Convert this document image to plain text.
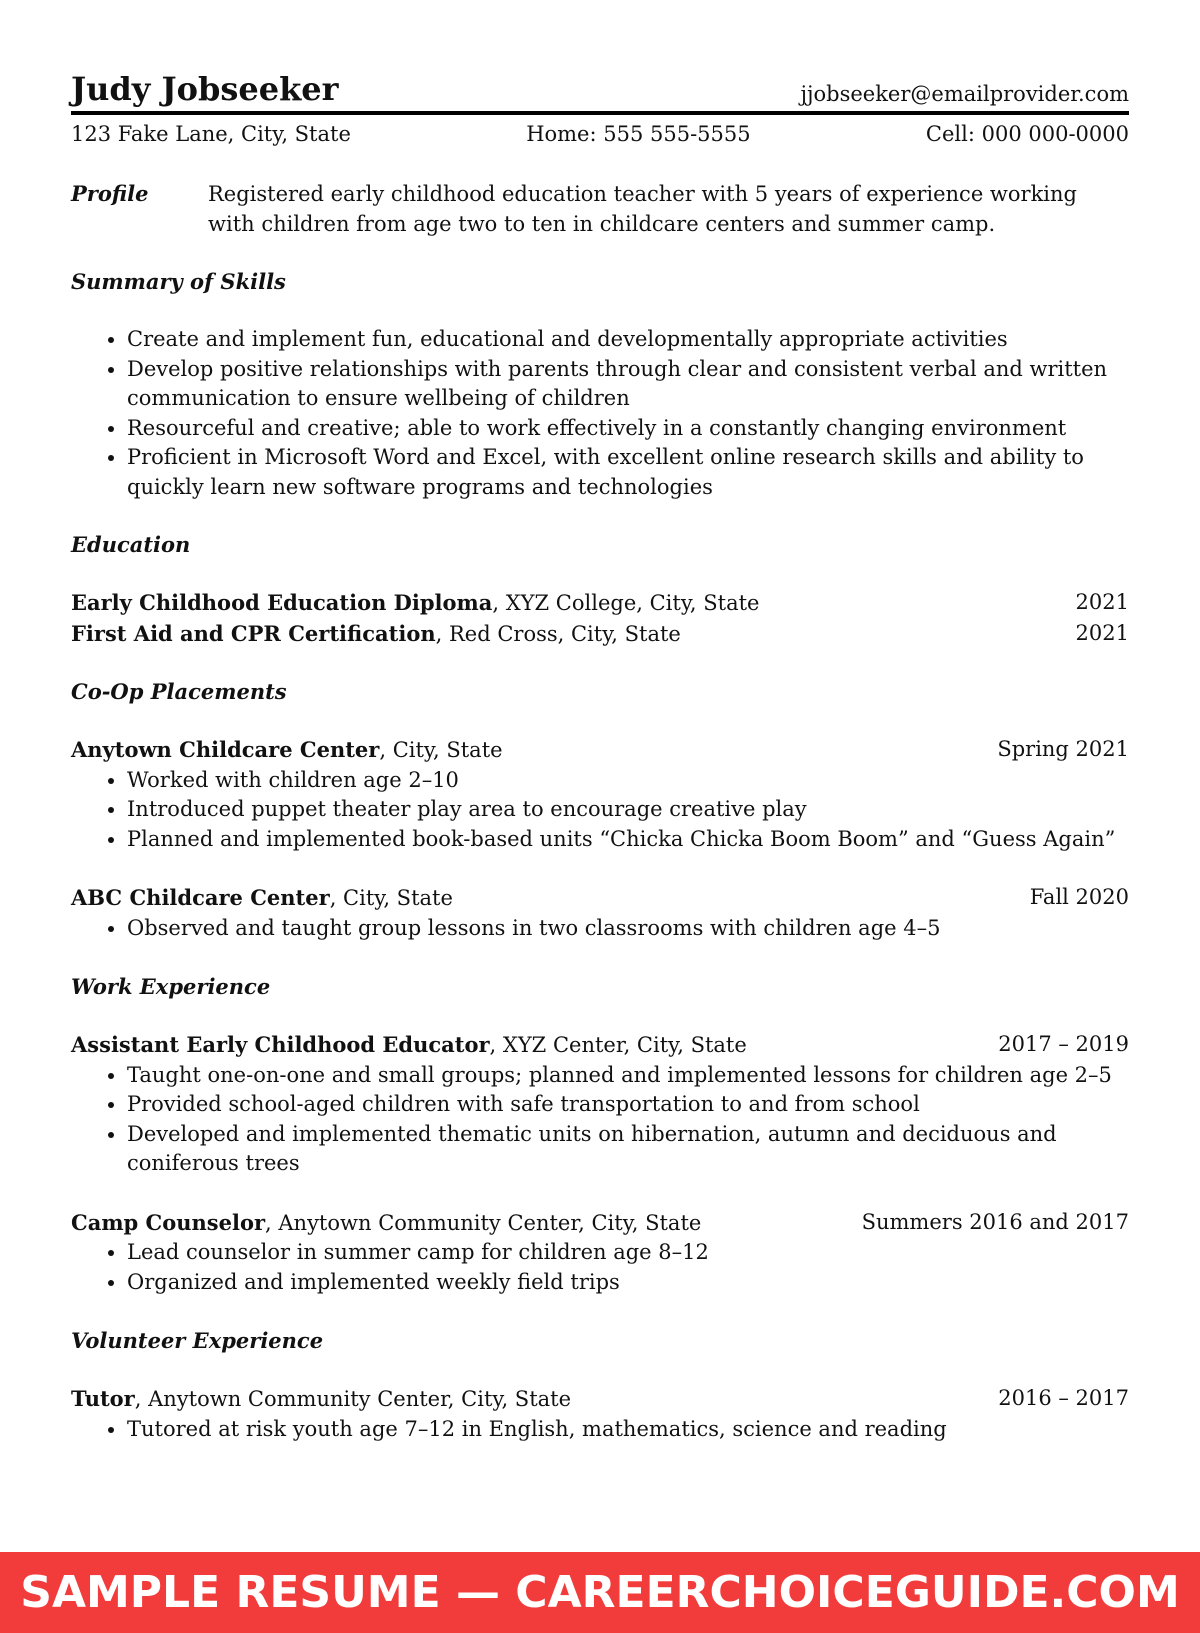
Judy Jobseeker	jjobseeker@emailprovider.com
123 Fake Lane, City, State	Home: 555 555-5555	Cell: 000 000-0000
Profile	Registered early childhood education teacher with 5 years of experience working with children from age two to ten in childcare centers and summer camp.
Summary of Skills
• Create and implement fun, educational and developmentally appropriate activities
• Develop positive relationships with parents through clear and consistent verbal and written communication to ensure wellbeing of children
• Resourceful and creative; able to work effectively in a constantly changing environment
• Proficient in Microsoft Word and Excel, with excellent online research skills and ability to quickly learn new software programs and technologies
Education
Early Childhood Education Diploma, XYZ College, City, State	2021
First Aid and CPR Certification, Red Cross, City, State	2021
Co-Op Placements
Anytown Childcare Center, City, State	Spring 2021
• Worked with children age 2–10
• Introduced puppet theater play area to encourage creative play
• Planned and implemented book-based units “Chicka Chicka Boom Boom” and “Guess Again”
ABC Childcare Center, City, State	Fall 2020
• Observed and taught group lessons in two classrooms with children age 4–5
Work Experience
Assistant Early Childhood Educator, XYZ Center, City, State	2017 – 2019
• Taught one-on-one and small groups; planned and implemented lessons for children age 2–5
• Provided school-aged children with safe transportation to and from school
• Developed and implemented thematic units on hibernation, autumn and deciduous and coniferous trees
Camp Counselor, Anytown Community Center, City, State	Summers 2016 and 2017
• Lead counselor in summer camp for children age 8–12
• Organized and implemented weekly field trips
Volunteer Experience
Tutor, Anytown Community Center, City, State	2016 – 2017
• Tutored at risk youth age 7–12 in English, mathematics, science and reading
SAMPLE RESUME — CAREERCHOICEGUIDE.COM
